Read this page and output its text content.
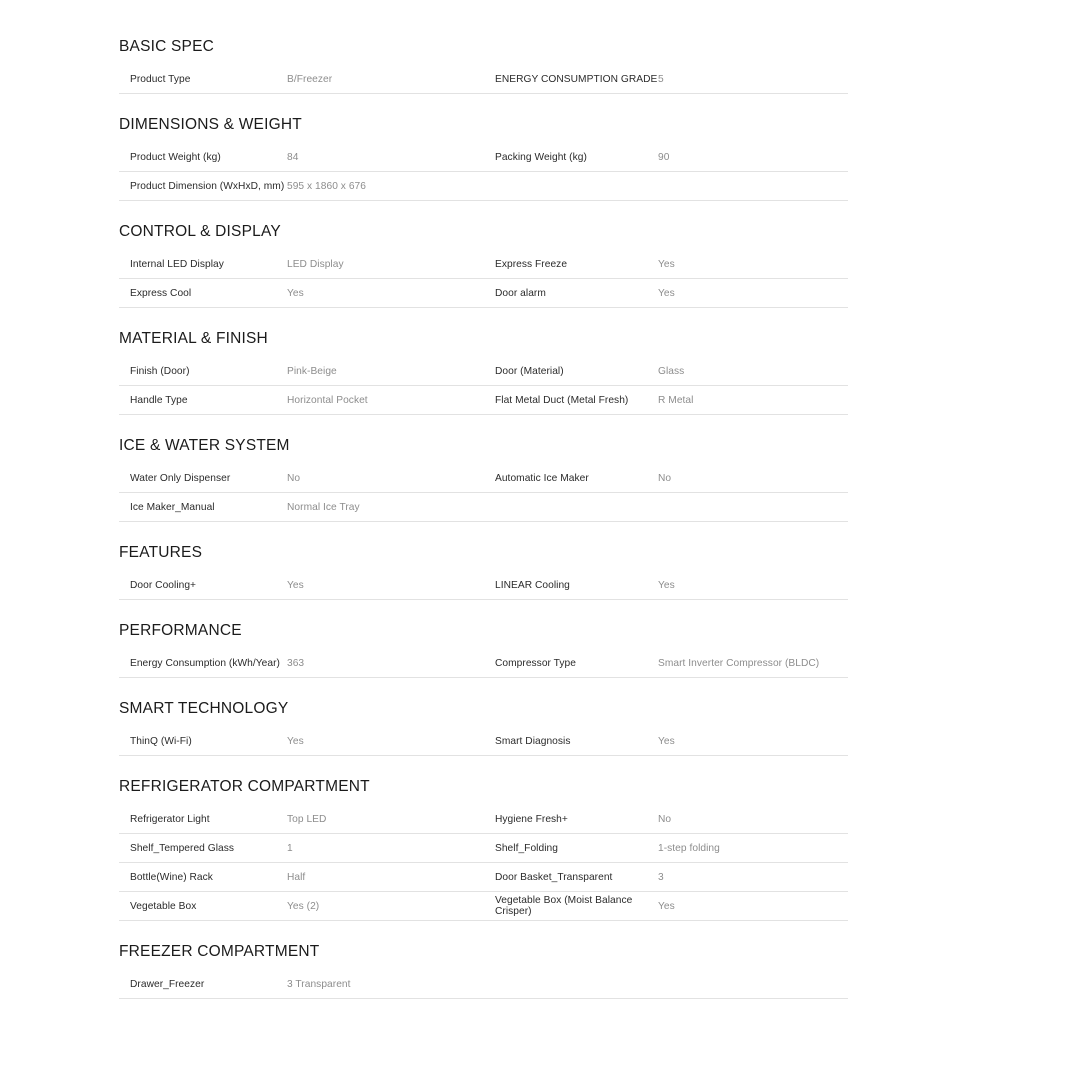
BASIC SPEC
Product Type	B/Freezer	ENERGY CONSUMPTION GRADE 5
DIMENSIONS & WEIGHT
Product Weight (kg)	84	Packing Weight (kg)	90
Product Dimension (WxHxD, mm) 595 x 1860 x 676
CONTROL & DISPLAY
Internal LED Display	LED Display	Express Freeze	Yes
Express Cool	Yes	Door alarm	Yes
MATERIAL & FINISH
Finish (Door)	Pink-Beige	Door (Material)	Glass
Handle Type	Horizontal Pocket	Flat Metal Duct (Metal Fresh)	R Metal
ICE & WATER SYSTEM
Water Only Dispenser	No	Automatic Ice Maker	No
Ice Maker_Manual	Normal Ice Tray
FEATURES
Door Cooling+	Yes	LINEAR Cooling	Yes
PERFORMANCE
Energy Consumption (kWh/Year) 363	Compressor Type	Smart Inverter Compressor (BLDC)
SMART TECHNOLOGY
ThinQ (Wi-Fi)	Yes	Smart Diagnosis	Yes
REFRIGERATOR COMPARTMENT
Refrigerator Light	Top LED	Hygiene Fresh+	No
Shelf_Tempered Glass	1	Shelf_Folding	1-step folding
Bottle(Wine) Rack	Half	Door Basket_Transparent	3
Vegetable Box	Yes (2)	Vegetable Box (Moist Balance Crisper)	Yes
FREEZER COMPARTMENT
Drawer_Freezer	3 Transparent
